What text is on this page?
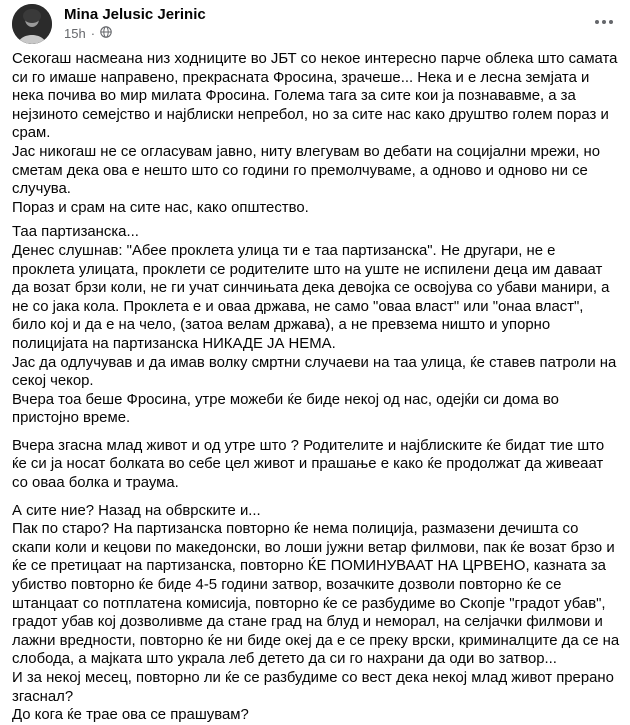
Mina Jelusic Jerinic
15h ·

Секогаш насмеана низ ходниците во ЈБТ со некое интересно парче облека што самата си го имаше направено, прекрасната Фросина, зрачеше... Нека и е лесна земјата и нека почива во мир милата Фросина. Голема тага за сите кои ја познававме, а за нејзиното семејство и најблиски непребол, но за сите нас како друштво голем пораз и срам.

Јас никогаш не се огласувам јавно, ниту влегувам во дебати на социјални мрежи, но сметам дека ова е нешто што со години го премолчуваме, а одново и одново ни се случува.

Пораз и срам на сите нас, како општество.

Таа партизанска...

Денес слушнав: "Абее проклета улица ти е таа партизанска". Не другари, не е проклета улицата, проклети се родителите што на уште не испилени деца им даваат да возат брзи коли, не ги учат синчињата дека девојка се освојува со убави манири, а не со јака кола. Проклета е и оваа држава, не само "оваа власт" или "онаа власт", било кој и да е на чело, (затоа велам држава), а не превзема ништо и упорно полицијата на партизанска НИКАДЕ ЈА НЕМА.

Јас да одлучував и да имав волку смртни случаеви на таа улица, ќе ставев патроли на секој чекор.

Вчера тоа беше Фросина, утре можеби ќе биде некој од нас, одејќи си дома во пристојно време.

Вчера згасна млад живот и од утре што ? Родителите и најблиските ќе бидат тие што ќе си ја носат болката во себе цел живот и прашање е како ќе продолжат да живеаат со оваа болка и траума.

А сите ние? Назад на обврските и...

Пак по старо? На партизанска повторно ќе нема полиција, размазени дечишта со скапи коли и кецови по македонски, во лоши јужни ветар филмови, пак ќе возат брзо и ќе се претицаат на партизанска, повторно ЌЕ ПОМИНУВААТ НА ЦРВЕНО, казната за убиство повторно ќе биде 4-5 години затвор, возачките дозволи повторно ќе се штанцаат со потплатена комисија, повторно ќе се разбудиме во Скопје "градот убав", градот убав кој дозволивме да стане град на блуд и неморал, на селјачки филмови и лажни вредности, повторно ќе ни биде океј да е се преку врски, криминалците да се на слобода, а мајката што украла леб детето да си го нахрани да оди во затвор...

И за некој месец, повторно ли ќе се разбудиме со вест дека некој млад живот прерано згаснал?

До кога ќе трае ова се прашувам?
